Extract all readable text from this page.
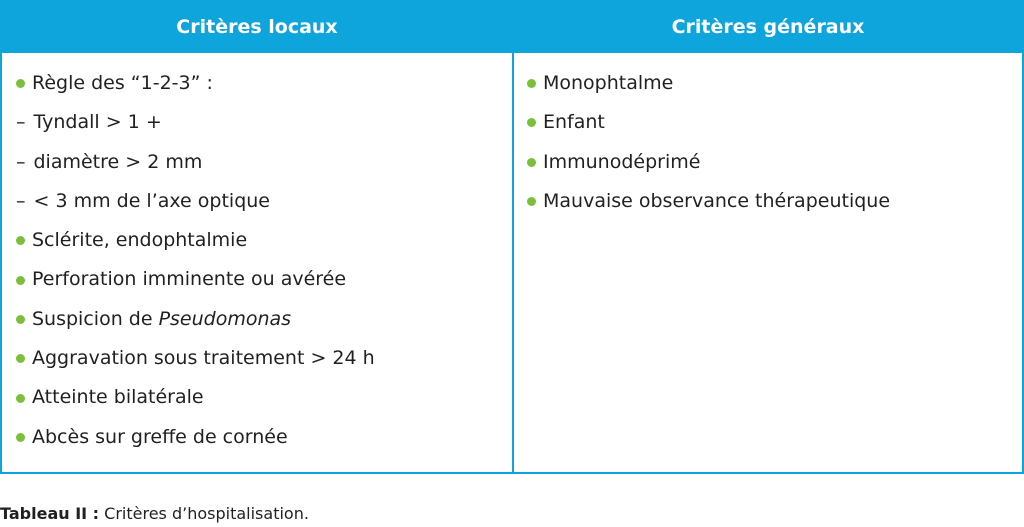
Critères locaux	Critères généraux
Règle des “1-2-3” :
– Tyndall > 1 +
– diamètre > 2 mm
– < 3 mm de l’axe optique
Sclérite, endophtalmie
Perforation imminente ou avérée
Suspicion de Pseudomonas
Aggravation sous traitement > 24 h
Atteinte bilatérale
Abcès sur greffe de cornée
Monophtalme
Enfant
Immunodéprimé
Mauvaise observance thérapeutique
Tableau II : Critères d’hospitalisation.
